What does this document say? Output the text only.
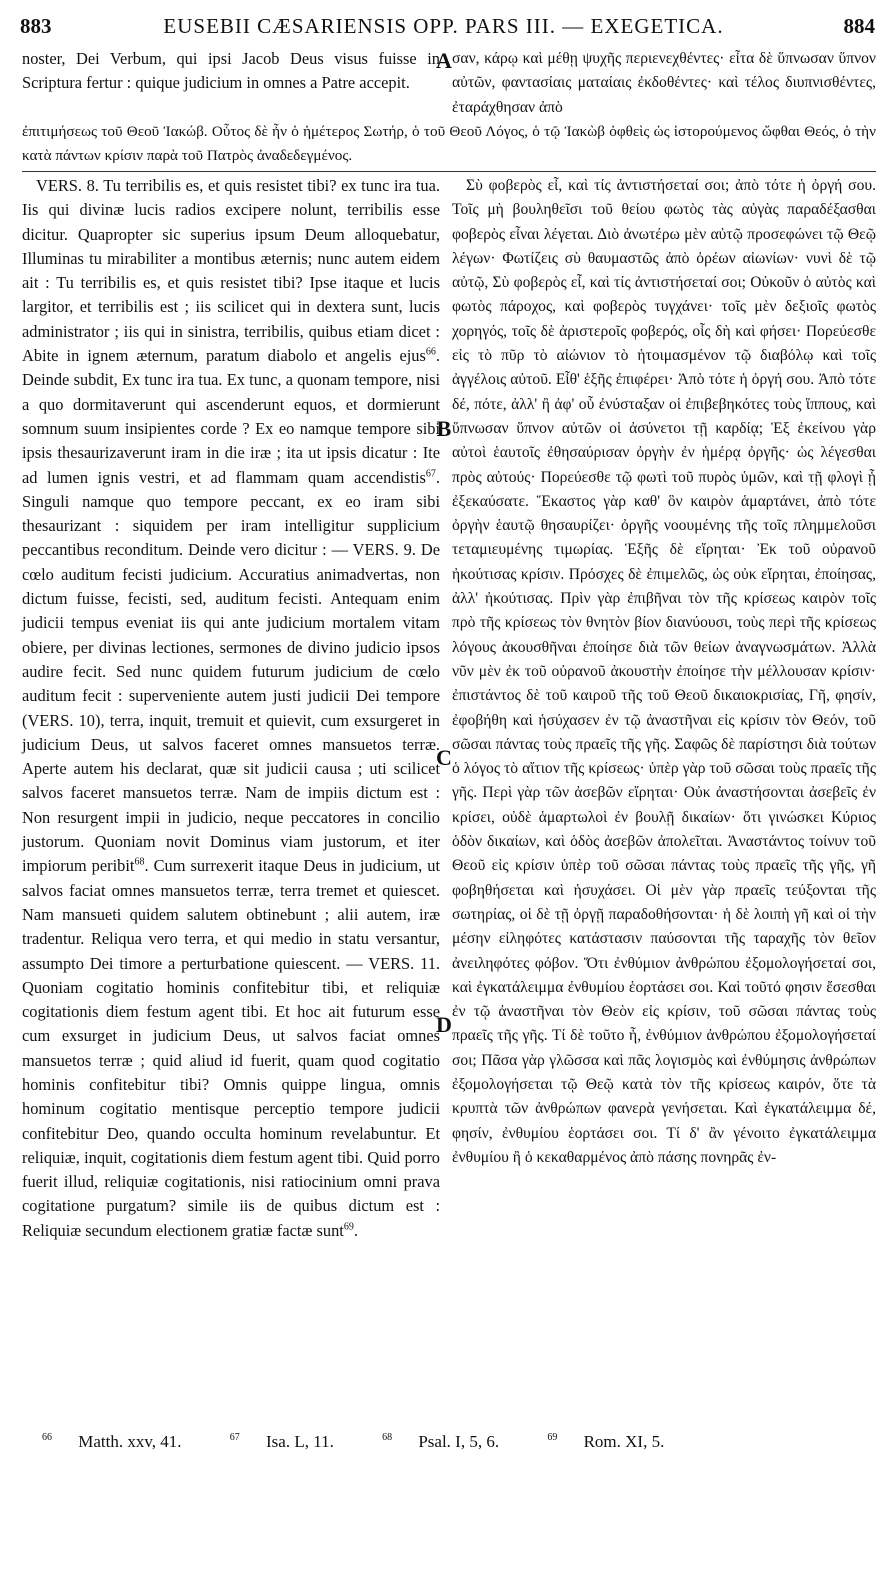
883	EUSEBII CÆSARIENSIS OPP. PARS III. — EXEGETICA.	884

noster, Dei Verbum, qui ipsi Jacob Deus visus fuisse in Scriptura fertur : quique judicium in omnes a Patre accepit.

σαν, κάρῳ καὶ μέθῃ ψυχῆς περιενεχθέντες· εἶτα δὲ ὕπνωσαν ὕπνον αὐτῶν, φαντασίαις ματαίαις ἐκδοθέντες· καὶ τέλος διυπνισθέντες, ἐταράχθησαν ἀπὸ

A

ἐπιτιμήσεως τοῦ Θεοῦ Ἰακώβ. Οὗτος δὲ ἦν ὁ ἡμέτερος Σωτήρ, ὁ τοῦ Θεοῦ Λόγος, ὁ τῷ Ἰακὼβ ὀφθεὶς ὡς ἱστορούμενος ὤφθαι Θεός, ὁ τὴν κατὰ πάντων κρίσιν παρὰ τοῦ Πατρὸς ἀναδεδεγμένος.

VERS. 8. Tu terribilis es, et quis resistet tibi? ex tunc ira tua. Iis qui divinæ lucis radios excipere nolunt, terribilis esse dicitur. Quapropter sic superius ipsum Deum alloquebatur, Illuminas tu mirabiliter a montibus æternis; nunc autem eidem ait : Tu terribilis es, et quis resistet tibi? Ipse itaque et lucis largitor, et terribilis est ; iis scilicet qui in dextera sunt, lucis administrator ; iis qui in sinistra, terribilis, quibus etiam dicet : Abite in ignem æternum, paratum diabolo et angelis ejus$^{66}$. Deinde subdit, Ex tunc ira tua. Ex tunc, a quonam tempore, nisi a quo dormitaverunt qui ascenderunt equos, et dormierunt somnum suum insipientes corde ? Ex eo namque tempore sibi ipsis thesaurizaverunt iram in die iræ ; ita ut ipsis dicatur : Ite ad lumen ignis vestri, et ad flammam quam accendistis$^{67}$. Singuli namque quo tempore peccant, ex eo iram sibi thesaurizant : siquidem per iram intelligitur supplicium peccantibus reconditum. Deinde vero dicitur : — VERS. 9. De cœlo auditum fecisti judicium. Accuratius animadvertas, non dictum fuisse, fecisti, sed, auditum fecisti. Antequam enim judicii tempus eveniat iis qui ante judicium mortalem vitam obiere, per divinas lectiones, sermones de divino judicio ipsos audire fecit. Sed nunc quidem futurum judicium de cœlo auditum fecit : superveniente autem justi judicii Dei tempore (VERS. 10), terra, inquit, tremuit et quievit, cum exsurgeret in judicium Deus, ut salvos faceret omnes mansuetos terræ. Aperte autem his declarat, quæ sit judicii causa ; uti scilicet salvos faceret mansuetos terræ. Nam de impiis dictum est : Non resurgent impii in judicio, neque peccatores in concilio justorum. Quoniam novit Dominus viam justorum, et iter impiorum peribit$^{68}$. Cum surrexerit itaque Deus in judicium, ut salvos faciat omnes mansuetos terræ, terra tremet et quiescet. Nam mansueti quidem salutem obtinebunt ; alii autem, iræ tradentur. Reliqua vero terra, et qui medio in statu versantur, assumpto Dei timore a perturbatione quiescent. — VERS. 11. Quoniam cogitatio hominis confitebitur tibi, et reliquiæ cogitationis diem festum agent tibi. Et hoc ait futurum esse cum exsurget in judicium Deus, ut salvos faciat omnes mansuetos terræ ; quid aliud id fuerit, quam quod cogitatio hominis confitebitur tibi? Omnis quippe lingua, omnis hominum cogitatio mentisque perceptio tempore judicii confitebitur Deo, quando occulta hominum revelabuntur. Et reliquiæ, inquit, cogitationis diem festum agent tibi. Quid porro fuerit illud, reliquiæ cogitationis, nisi ratiocinium omni prava cogitatione purgatum? simile iis de quibus dictum est : Reliquiæ secundum electionem gratiæ factæ sunt$^{69}$.

Σὺ φοβερὸς εἶ, καὶ τίς ἀντιστήσεταί σοι; ἀπὸ τότε ἡ ὀργή σου. Τοῖς μὴ βουληθεῖσι τοῦ θείου φωτὸς τὰς αὐγὰς παραδέξασθαι φοβερὸς εἶναι λέγεται. Διὸ ἀνωτέρω μὲν αὐτῷ προσεφώνει τῷ Θεῷ λέγων· Φωτίζεις σὺ θαυμαστῶς ἀπὸ ὀρέων αἰωνίων· νυνὶ δὲ τῷ αὐτῷ, Σὺ φοβερὸς εἶ, καὶ τίς ἀντιστήσεταί σοι; Οὐκοῦν ὁ αὐτὸς καὶ φωτὸς πάροχος, καὶ φοβερὸς τυγχάνει· τοῖς μὲν δεξιοῖς φωτὸς χορηγός, τοῖς δὲ ἀριστεροῖς φοβερός, οἷς δὴ καὶ φήσει· Πορεύεσθε εἰς τὸ πῦρ τὸ αἰώνιον τὸ ἡτοιμασμένον τῷ διαβόλῳ καὶ τοῖς ἀγγέλοις αὐτοῦ. Εἶθ' ἑξῆς ἐπιφέρει· Ἀπὸ τότε ἡ ὀργή σου. Ἀπὸ τότε δέ, πότε, ἀλλ' ἢ ἀφ' οὗ ἐνύσταξαν οἱ ἐπιβεβηκότες τοὺς ἵππους, καὶ ὕπνωσαν ὕπνον αὐτῶν οἱ ἀσύνετοι τῇ καρδίᾳ; Ἐξ ἐκείνου γὰρ αὐτοὶ ἑαυτοῖς ἐθησαύρισαν ὀργὴν ἐν ἡμέρᾳ ὀργῆς· ὡς λέγεσθαι πρὸς αὐτούς· Πορεύεσθε τῷ φωτὶ τοῦ πυρὸς ὑμῶν, καὶ τῇ φλογὶ ᾗ ἐξεκαύσατε. Ἕκαστος γὰρ καθ' ὃν καιρὸν ἁμαρτάνει, ἀπὸ τότε ὀργὴν ἑαυτῷ θησαυρίζει· ὀργῆς νοουμένης τῆς τοῖς πλημμελοῦσι τεταμιευμένης τιμωρίας. Ἑξῆς δὲ εἴρηται· Ἐκ τοῦ οὐρανοῦ ἠκούτισας κρίσιν. Πρόσχες δὲ ἐπιμελῶς, ὡς οὐκ εἴρηται, ἐποίησας, ἀλλ' ἠκούτισας. Πρὶν γὰρ ἐπιβῆναι τὸν τῆς κρίσεως καιρὸν τοῖς πρὸ τῆς κρίσεως τὸν θνητὸν βίον διανύουσι, τοὺς περὶ τῆς κρίσεως λόγους ἀκουσθῆναι ἐποίησε διὰ τῶν θείων ἀναγνωσμάτων. Ἀλλὰ νῦν μὲν ἐκ τοῦ οὐρανοῦ ἀκουστὴν ἐποίησε τὴν μέλλουσαν κρίσιν· ἐπιστάντος δὲ τοῦ καιροῦ τῆς τοῦ Θεοῦ δικαιοκρισίας, Γῆ, φησίν, ἐφοβήθη καὶ ἡσύχασεν ἐν τῷ ἀναστῆναι εἰς κρίσιν τὸν Θεόν, τοῦ σῶσαι πάντας τοὺς πραεῖς τῆς γῆς. Σαφῶς δὲ παρίστησι διὰ τούτων ὁ λόγος τὸ αἴτιον τῆς κρίσεως· ὑπὲρ γὰρ τοῦ σῶσαι τοὺς πραεῖς τῆς γῆς. Περὶ γὰρ τῶν ἀσεβῶν εἴρηται· Οὐκ ἀναστήσονται ἀσεβεῖς ἐν κρίσει, οὐδὲ ἁμαρτωλοὶ ἐν βουλῇ δικαίων· ὅτι γινώσκει Κύριος ὁδὸν δικαίων, καὶ ὁδὸς ἀσεβῶν ἀπολεῖται. Ἀναστάντος τοίνυν τοῦ Θεοῦ εἰς κρίσιν ὑπὲρ τοῦ σῶσαι πάντας τοὺς πραεῖς τῆς γῆς, γῆ φοβηθήσεται καὶ ἡσυχάσει. Οἱ μὲν γὰρ πραεῖς τεύξονται τῆς σωτηρίας, οἱ δὲ τῇ ὀργῇ παραδοθήσονται· ἡ δὲ λοιπὴ γῆ καὶ οἱ τὴν μέσην εἰληφότες κατάστασιν παύσονται τῆς ταραχῆς τὸν θεῖον ἀνειληφότες φόβον. Ὅτι ἐνθύμιον ἀνθρώπου ἐξομολογήσεταί σοι, καὶ ἐγκατάλειμμα ἐνθυμίου ἑορτάσει σοι. Καὶ τοῦτό φησιν ἔσεσθαι ἐν τῷ ἀναστῆναι τὸν Θεὸν εἰς κρίσιν, τοῦ σῶσαι πάντας τοὺς πραεῖς τῆς γῆς. Τί δὲ τοῦτο ἦ, ἐνθύμιον ἀνθρώπου ἐξομολογήσεταί σοι; Πᾶσα γὰρ γλῶσσα καὶ πᾶς λογισμὸς καὶ ἐνθύμησις ἀνθρώπων ἐξομολογήσεται τῷ Θεῷ κατὰ τὸν τῆς κρίσεως καιρόν, ὅτε τὰ κρυπτὰ τῶν ἀνθρώπων φανερὰ γενήσεται. Καὶ ἐγκατάλειμμα δέ, φησίν, ἐνθυμίου ἑορτάσει σοι. Τί δ' ἂν γένοιτο ἐγκατάλειμμα ἐνθυμίου ἢ ὁ κεκαθαρμένος ἀπὸ πάσης πονηρᾶς ἐν-

B
C
D
$^{66}$ Matth. xxv, 41.	$^{67}$ Isa. L, 11.	$^{68}$ Psal. I, 5, 6.	$^{69}$ Rom. XI, 5.
